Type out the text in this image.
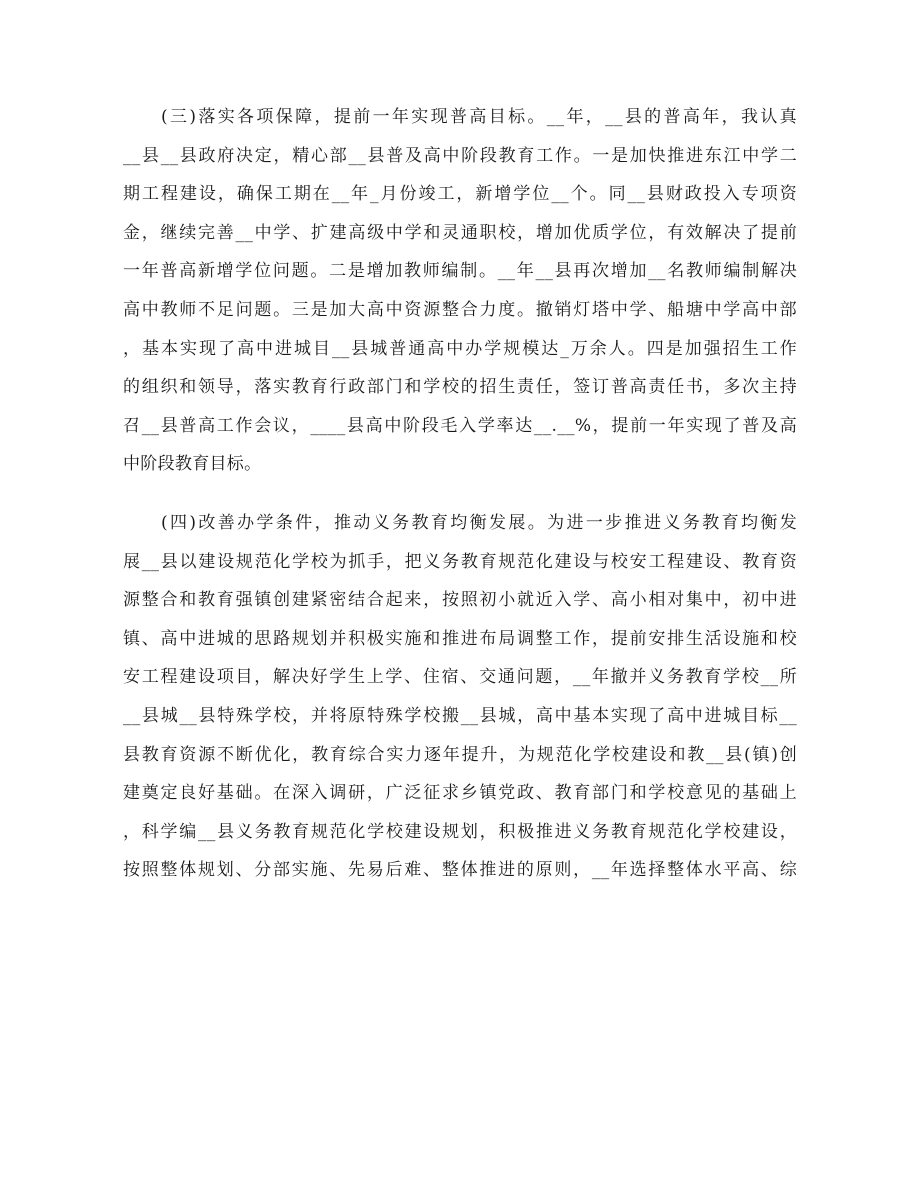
(三)落实各项保障，提前一年实现普高目标。__年，__县的普高年，我认真
__县__县政府决定，精心部__县普及高中阶段教育工作。一是加快推进东江中学二
期工程建设，确保工期在__年_月份竣工，新增学位__个。同__县财政投入专项资
金，继续完善__中学、扩建高级中学和灵通职校，增加优质学位，有效解决了提前
一年普高新增学位问题。二是增加教师编制。__年__县再次增加__名教师编制解决
高中教师不足问题。三是加大高中资源整合力度。撤销灯塔中学、船塘中学高中部
，基本实现了高中进城目__县城普通高中办学规模达_万余人。四是加强招生工作
的组织和领导，落实教育行政部门和学校的招生责任，签订普高责任书，多次主持
召__县普高工作会议，____县高中阶段毛入学率达__.__%，提前一年实现了普及高
中阶段教育目标。
(四)改善办学条件，推动义务教育均衡发展。为进一步推进义务教育均衡发
展__县以建设规范化学校为抓手，把义务教育规范化建设与校安工程建设、教育资
源整合和教育强镇创建紧密结合起来，按照初小就近入学、高小相对集中，初中进
镇、高中进城的思路规划并积极实施和推进布局调整工作，提前安排生活设施和校
安工程建设项目，解决好学生上学、住宿、交通问题，__年撤并义务教育学校__所
__县城__县特殊学校，并将原特殊学校搬__县城，高中基本实现了高中进城目标__
县教育资源不断优化，教育综合实力逐年提升，为规范化学校建设和教__县(镇)创
建奠定良好基础。在深入调研，广泛征求乡镇党政、教育部门和学校意见的基础上
，科学编__县义务教育规范化学校建设规划，积极推进义务教育规范化学校建设，
按照整体规划、分部实施、先易后难、整体推进的原则，__年选择整体水平高、综
